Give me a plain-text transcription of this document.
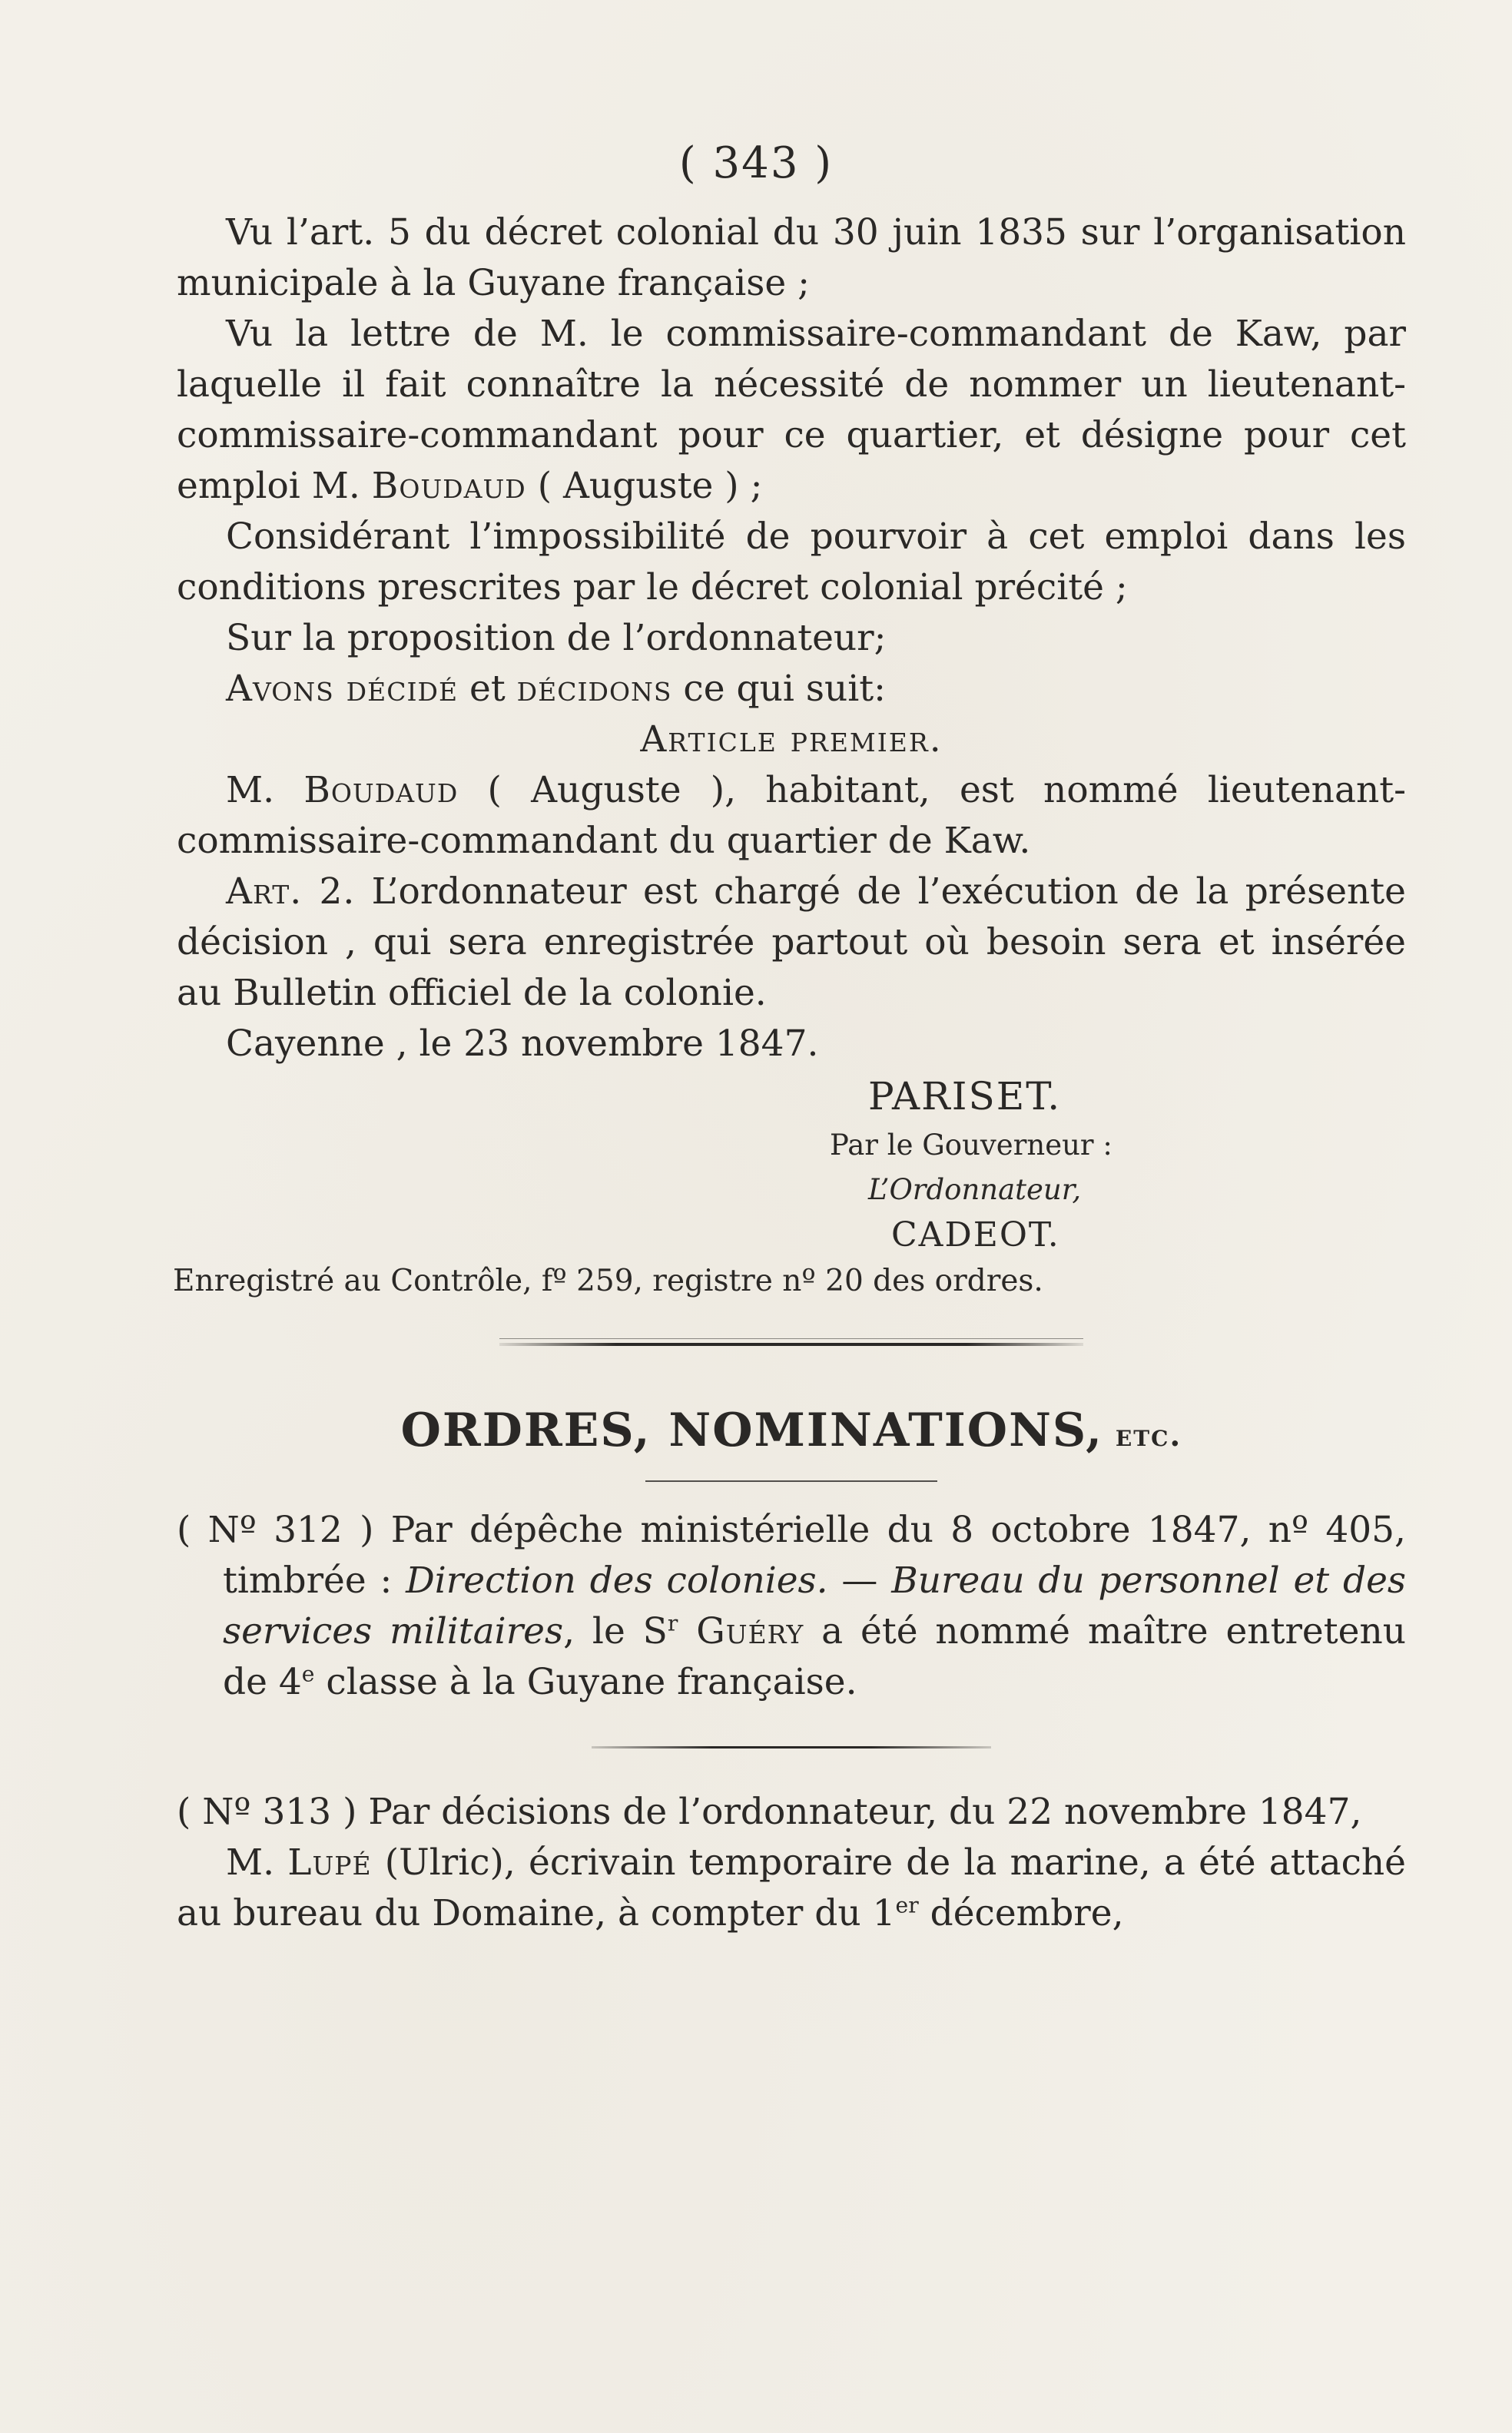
( 343 )

Vu l’art. 5 du décret colonial du 30 juin 1835 sur l’organisation municipale à la Guyane française ;

Vu la lettre de M. le commissaire-commandant de Kaw, par laquelle il fait connaître la nécessité de nommer un lieutenant-commissaire-commandant pour ce quartier, et désigne pour cet emploi M. Boudaud ( Auguste ) ;

Considérant l’impossibilité de pourvoir à cet emploi dans les conditions prescrites par le décret colonial précité ;

Sur la proposition de l’ordonnateur;

Avons décidé et décidons ce qui suit:

Article premier.

M. Boudaud ( Auguste ), habitant, est nommé lieutenant-commissaire-commandant du quartier de Kaw.

Art. 2. L’ordonnateur est chargé de l’exécution de la présente décision , qui sera enregistrée partout où besoin sera et insérée au Bulletin officiel de la colonie.

Cayenne , le 23 novembre 1847.

PARISET.

Par le Gouverneur :

L’Ordonnateur,

CADEOT.

Enregistré au Contrôle, fº 259, registre nº 20 des ordres.

ORDRES, NOMINATIONS, etc.

( Nº 312 ) Par dépêche ministérielle du 8 octobre 1847, nº 405, timbrée : Direction des colonies. — Bureau du personnel et des services militaires, le $S^r$ Guéry a été nommé maître entretenu de 4e classe à la Guyane française.

( Nº 313 ) Par décisions de l’ordonnateur, du 22 novembre 1847,

M. Lupé (Ulric), écrivain temporaire de la marine, a été attaché au bureau du Domaine, à compter du 1er décembre,
